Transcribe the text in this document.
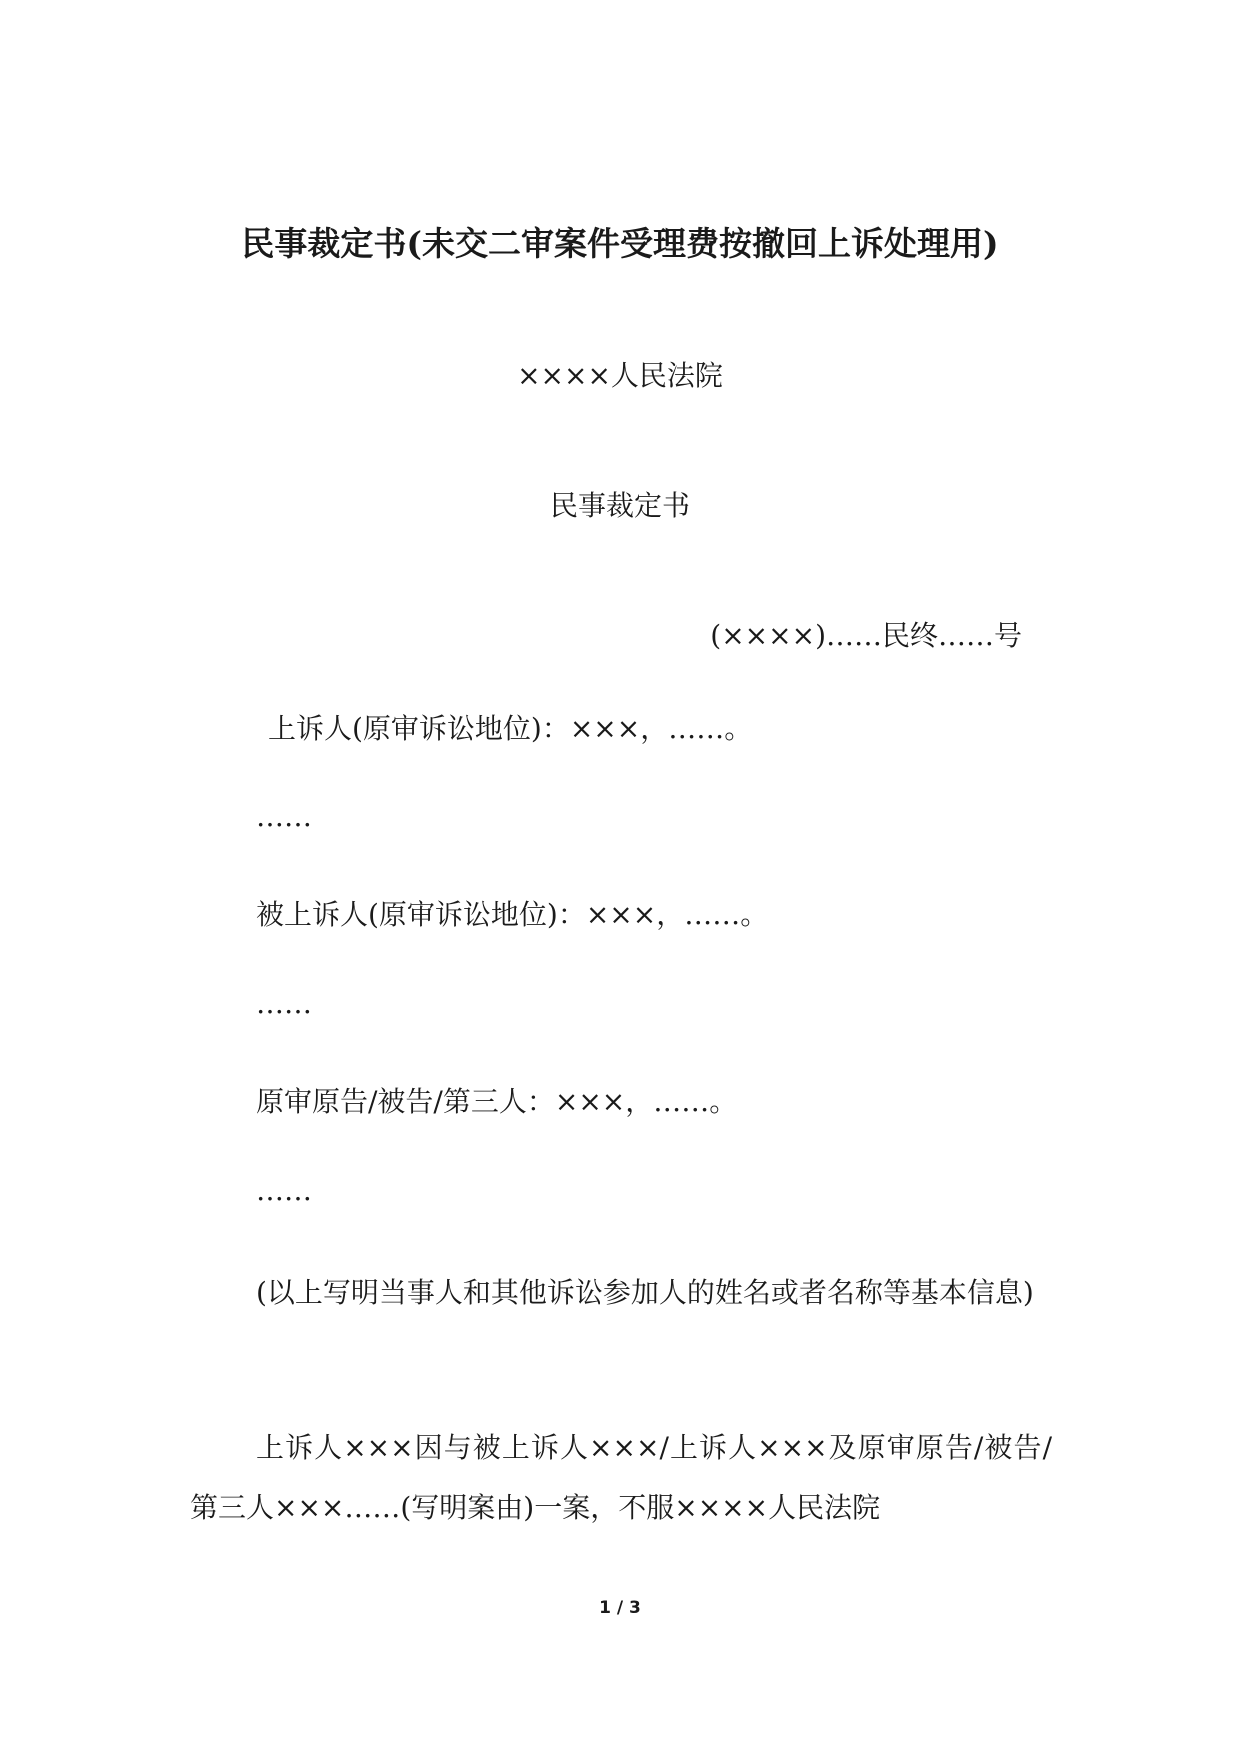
民事裁定书(未交二审案件受理费按撤回上诉处理用)
××××人民法院
民事裁定书
(××××)……民终……号
上诉人(原审诉讼地位)：×××，……。
……
被上诉人(原审诉讼地位)：×××，……。
……
原审原告/被告/第三人：×××，……。
……

(以上写明当事人和其他诉讼参加人的姓名或者名称等基本信息)

上诉人×××因与被上诉人×××/上诉人×××及原审原告/被告/第三人×××……(写明案由)一案，不服××××人民法院

1 / 3
